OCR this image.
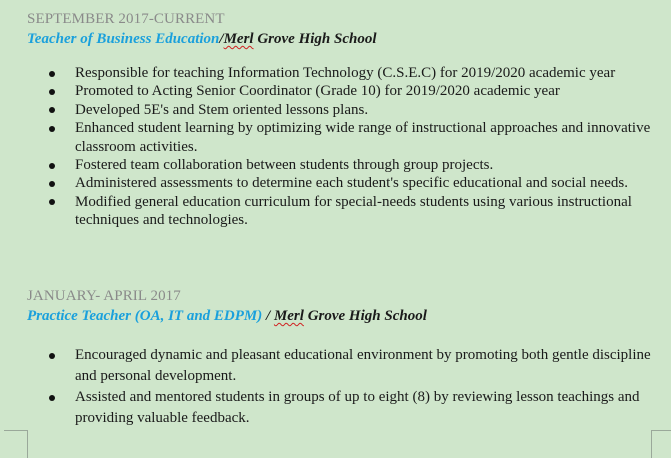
SEPTEMBER 2017-CURRENT
Teacher of Business Education/Merl Grove High School
Responsible for teaching Information Technology (C.S.E.C) for 2019/2020 academic year
Promoted to Acting Senior Coordinator (Grade 10) for 2019/2020 academic year
Developed 5E's and Stem oriented lessons plans.
Enhanced student learning by optimizing wide range of instructional approaches and innovative classroom activities.
Fostered team collaboration between students through group projects.
Administered assessments to determine each student's specific educational and social needs.
Modified general education curriculum for special-needs students using various instructional techniques and technologies.
JANUARY- APRIL 2017
Practice Teacher (OA, IT and EDPM) / Merl Grove High School
Encouraged dynamic and pleasant educational environment by promoting both gentle discipline and personal development.
Assisted and mentored students in groups of up to eight (8) by reviewing lesson teachings and providing valuable feedback.
